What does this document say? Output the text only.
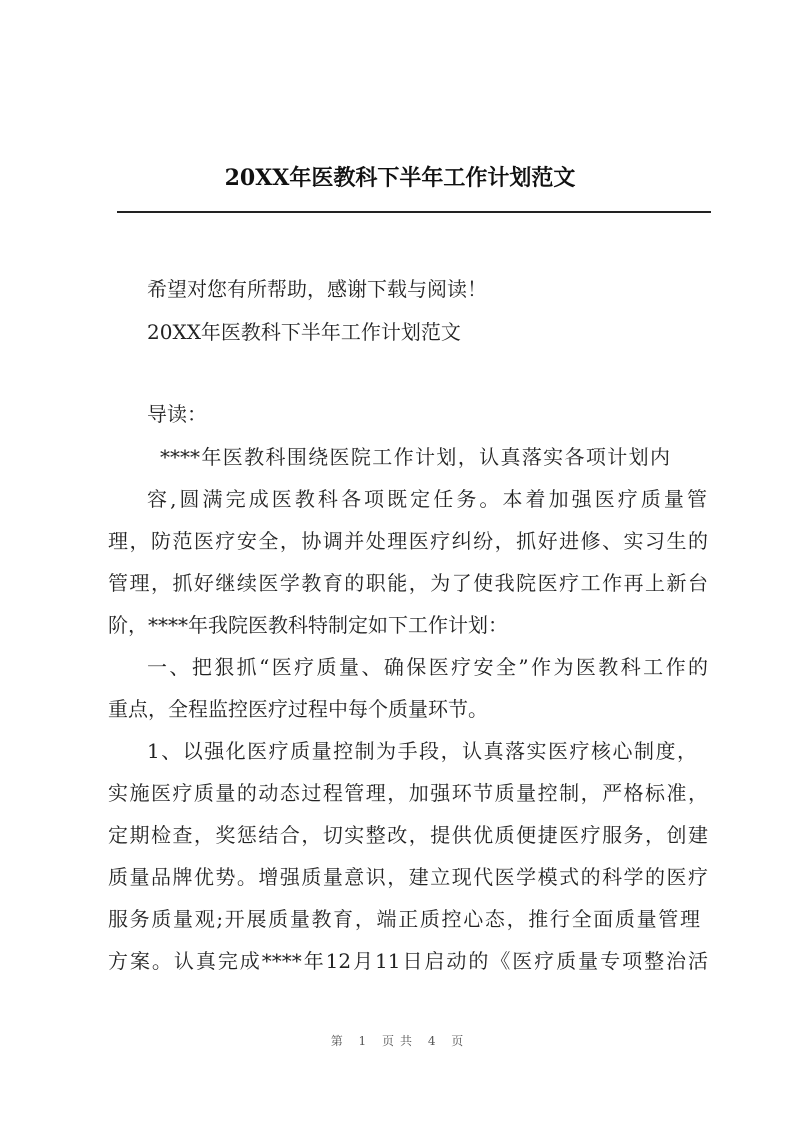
20XX年医教科下半年工作计划范文
希望对您有所帮助，感谢下载与阅读！
20XX年医教科下半年工作计划范文
导读：
****年医教科围绕医院工作计划，认真落实各项计划内
容,圆满完成医教科各项既定任务。本着加强医疗质量管
理，防范医疗安全，协调并处理医疗纠纷，抓好进修、实习生的
管理，抓好继续医学教育的职能，为了使我院医疗工作再上新台
阶，****年我院医教科特制定如下工作计划：
一、把狠抓“医疗质量、确保医疗安全”作为医教科工作的
重点，全程监控医疗过程中每个质量环节。
1、以强化医疗质量控制为手段，认真落实医疗核心制度，
实施医疗质量的动态过程管理，加强环节质量控制，严格标准，
定期检查，奖惩结合，切实整改，提供优质便捷医疗服务，创建
质量品牌优势。增强质量意识，建立现代医学模式的科学的医疗
服务质量观;开展质量教育，端正质控心态，推行全面质量管理
方案。认真完成****年12月11日启动的《医疗质量专项整治活
第 1 页共 4 页
